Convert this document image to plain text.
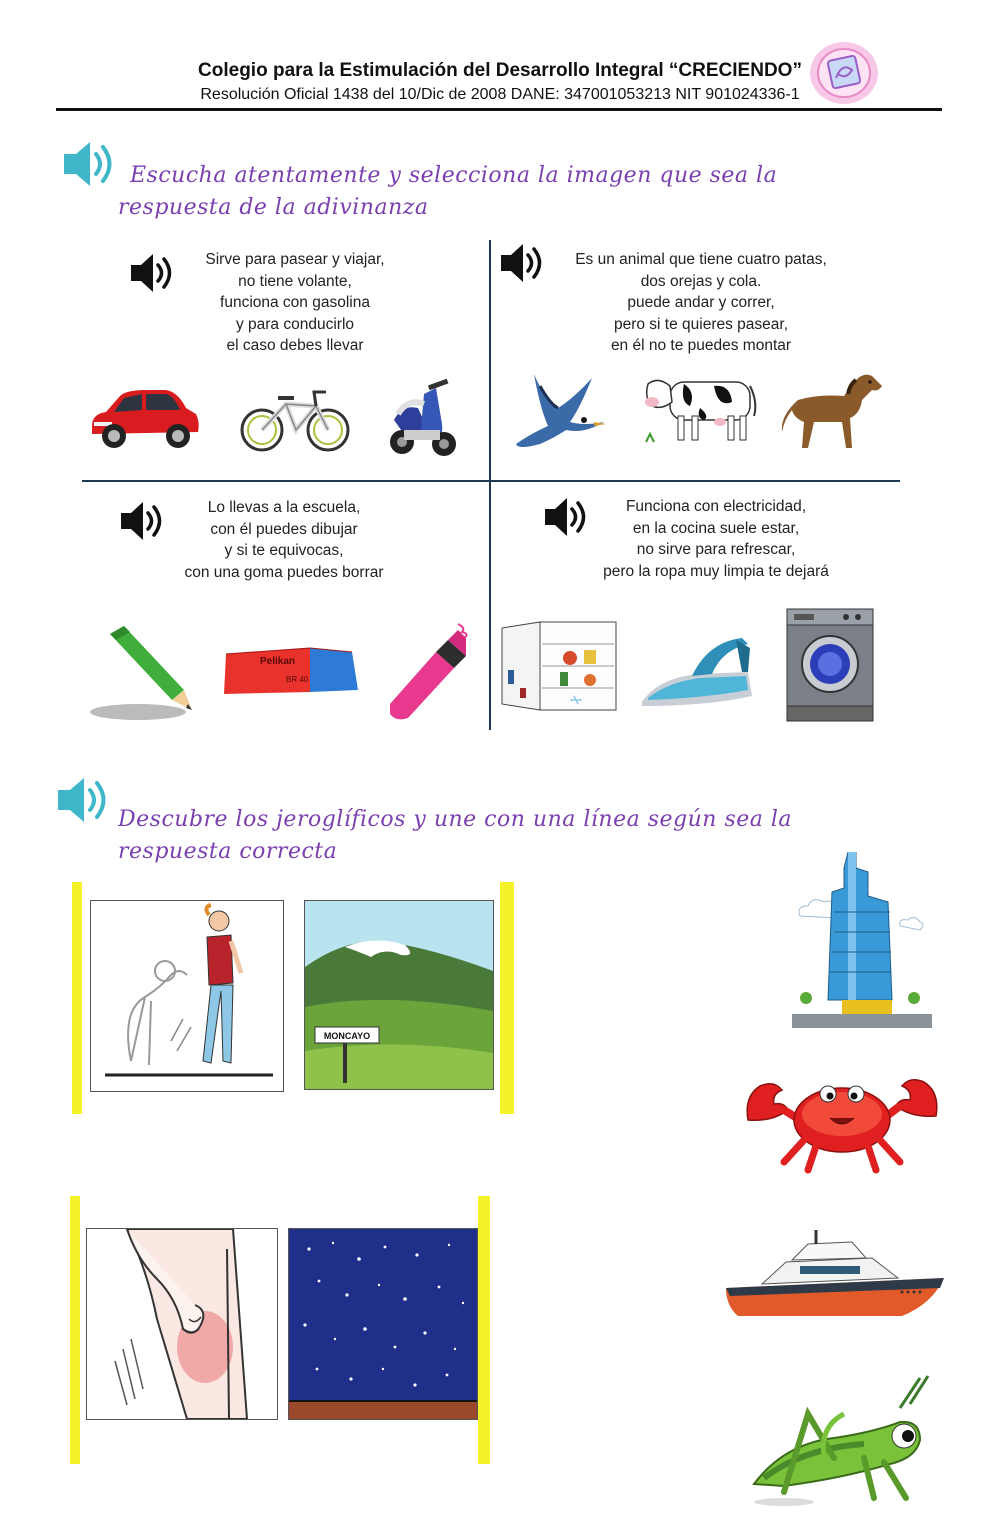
Colegio para la Estimulación del Desarrollo Integral “CRECIENDO”
Resolución Oficial 1438 del 10/Dic de 2008 DANE: 347001053213 NIT 901024336-1
Escucha atentamente y selecciona la imagen que sea la
respuesta de la adivinanza
Sirve para pasear y viajar,
no tiene volante,
funciona con gasolina
y para conducirlo
el caso debes llevar
Es un animal que tiene cuatro patas,
dos orejas y cola.
puede andar y correr,
pero si te quieres pasear,
en él no te puedes montar
Lo llevas a la escuela,
con él puedes dibujar
y si te equivocas,
con una goma puedes borrar
Pelikan
BR 40
Funciona con electricidad,
en la cocina suele estar,
no sirve para refrescar,
pero la ropa muy limpia te dejará
Descubre los jeroglíficos y une con una línea según sea la
respuesta correcta
MONCAYO
